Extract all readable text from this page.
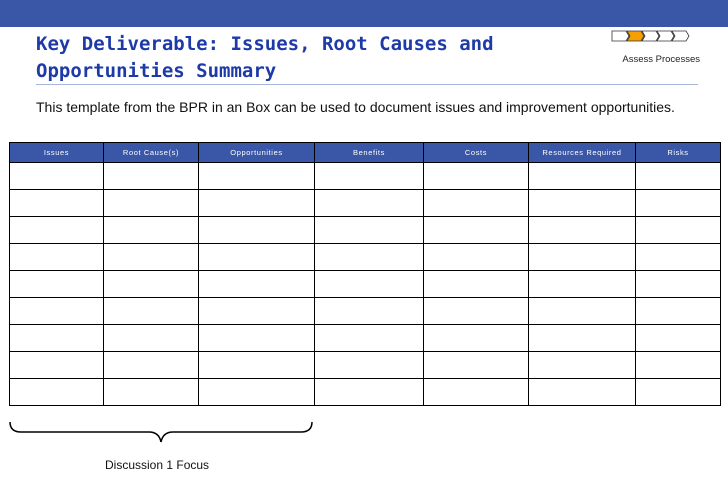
Key Deliverable: Issues, Root Causes and
Opportunities Summary
Assess Processes

This template from the BPR in an Box can be used to document issues and improvement opportunities.

Issues	Root Cause(s)	Opportunities	Benefits	Costs	Resources Required	Risks

Discussion 1 Focus
